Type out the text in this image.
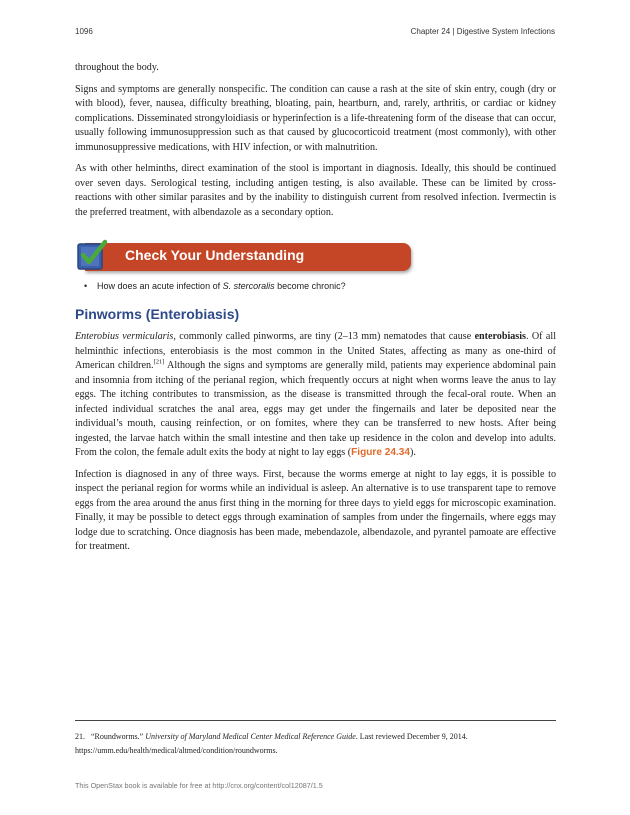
1096	Chapter 24 | Digestive System Infections

throughout the body.

Signs and symptoms are generally nonspecific. The condition can cause a rash at the site of skin entry, cough (dry or with blood), fever, nausea, difficulty breathing, bloating, pain, heartburn, and, rarely, arthritis, or cardiac or kidney complications. Disseminated strongyloidiasis or hyperinfection is a life-threatening form of the disease that can occur, usually following immunosuppression such as that caused by glucocorticoid treatment (most commonly), with other immunosuppressive medications, with HIV infection, or with malnutrition.

As with other helminths, direct examination of the stool is important in diagnosis. Ideally, this should be continued over seven days. Serological testing, including antigen testing, is also available. These can be limited by cross-reactions with other similar parasites and by the inability to distinguish current from resolved infection. Ivermectin is the preferred treatment, with albendazole as a secondary option.

Check Your Understanding
• How does an acute infection of S. stercoralis become chronic?
Pinworms (Enterobiasis)

Enterobius vermicularis, commonly called pinworms, are tiny (2–13 mm) nematodes that cause enterobiasis. Of all helminthic infections, enterobiasis is the most common in the United States, affecting as many as one-third of American children.[21] Although the signs and symptoms are generally mild, patients may experience abdominal pain and insomnia from itching of the perianal region, which frequently occurs at night when worms leave the anus to lay eggs. The itching contributes to transmission, as the disease is transmitted through the fecal-oral route. When an infected individual scratches the anal area, eggs may get under the fingernails and later be deposited near the individual’s mouth, causing reinfection, or on fomites, where they can be transferred to new hosts. After being ingested, the larvae hatch within the small intestine and then take up residence in the colon and develop into adults. From the colon, the female adult exits the body at night to lay eggs (Figure 24.34).

Infection is diagnosed in any of three ways. First, because the worms emerge at night to lay eggs, it is possible to inspect the perianal region for worms while an individual is asleep. An alternative is to use transparent tape to remove eggs from the area around the anus first thing in the morning for three days to yield eggs for microscopic examination. Finally, it may be possible to detect eggs through examination of samples from under the fingernails, where eggs may lodge due to scratching. Once diagnosis has been made, mebendazole, albendazole, and pyrantel pamoate are effective for treatment.

21. “Roundworms.” University of Maryland Medical Center Medical Reference Guide. Last reviewed December 9, 2014. https://umm.edu/health/medical/altmed/condition/roundworms.
This OpenStax book is available for free at http://cnx.org/content/col12087/1.5
